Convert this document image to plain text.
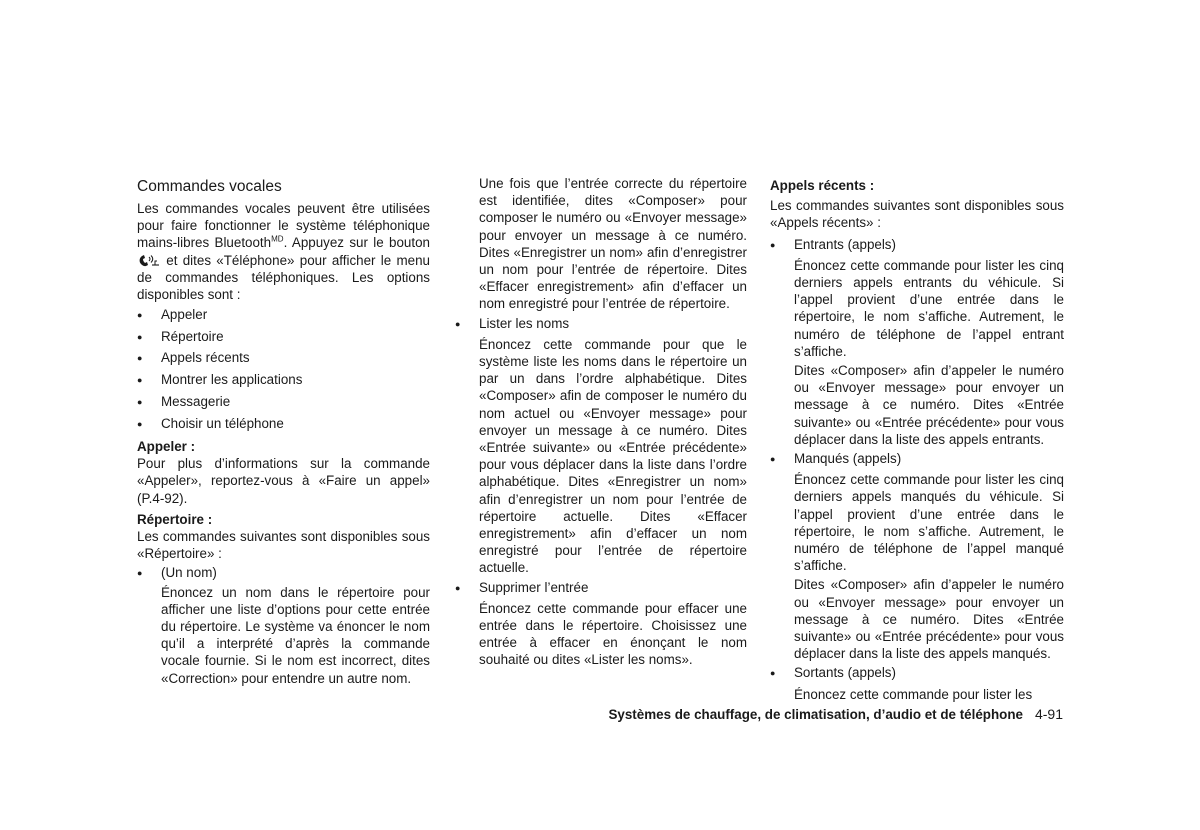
Commandes vocales

Les commandes vocales peuvent être utilisées pour faire fonctionner le système téléphonique mains-libres Bluetooth$^{MD}$. Appuyez sur le bouton  et dites «Téléphone» pour afficher le menu de commandes téléphoniques. Les options disponibles sont :

●
Appeler
●
Répertoire
●
Appels récents
●
Montrer les applications
●
Messagerie
●
Choisir un téléphone
Appeler :

Pour plus d’informations sur la commande «Appeler», reportez-vous à «Faire un appel» (P.4-92).

Répertoire :

Les commandes suivantes sont disponibles sous «Répertoire» :

●
(Un nom)

Énoncez un nom dans le répertoire pour afficher une liste d’options pour cette entrée du répertoire. Le système va énoncer le nom qu’il a interprété d’après la commande vocale fournie. Si le nom est incorrect, dites «Correction» pour entendre un autre nom.

Une fois que l’entrée correcte du répertoire est identifiée, dites «Composer» pour composer le numéro ou «Envoyer message» pour envoyer un message à ce numéro. Dites «Enregistrer un nom» afin d’enregistrer un nom pour l’entrée de répertoire. Dites «Effacer enregistrement» afin d’effacer un nom enregistré pour l’entrée de répertoire.

●
Lister les noms

Énoncez cette commande pour que le système liste les noms dans le répertoire un par un dans l’ordre alphabétique. Dites «Composer» afin de composer le numéro du nom actuel ou «Envoyer message» pour envoyer un message à ce numéro. Dites «Entrée suivante» ou «Entrée précédente» pour vous déplacer dans la liste dans l’ordre alphabétique. Dites «Enregistrer un nom» afin d’enregistrer un nom pour l’entrée de répertoire actuelle. Dites «Effacer enregistrement» afin d’effacer un nom enregistré pour l’entrée de répertoire actuelle.

●
Supprimer l’entrée

Énoncez cette commande pour effacer une entrée dans le répertoire. Choisissez une entrée à effacer en énonçant le nom souhaité ou dites «Lister les noms».

Appels récents :

Les commandes suivantes sont disponibles sous «Appels récents» :

●
Entrants (appels)

Énoncez cette commande pour lister les cinq derniers appels entrants du véhicule. Si l’appel provient d’une entrée dans le répertoire, le nom s’affiche. Autrement, le numéro de téléphone de l’appel entrant s’affiche.

Dites «Composer» afin d’appeler le numéro ou «Envoyer message» pour envoyer un message à ce numéro. Dites «Entrée suivante» ou «Entrée précédente» pour vous déplacer dans la liste des appels entrants.

●
Manqués (appels)

Énoncez cette commande pour lister les cinq derniers appels manqués du véhicule. Si l’appel provient d’une entrée dans le répertoire, le nom s’affiche. Autrement, le numéro de téléphone de l’appel manqué s’affiche.

Dites «Composer» afin d’appeler le numéro ou «Envoyer message» pour envoyer un message à ce numéro. Dites «Entrée suivante» ou «Entrée précédente» pour vous déplacer dans la liste des appels manqués.

●
Sortants (appels)

Énoncez cette commande pour lister les

Systèmes de chauffage, de climatisation, d’audio et de téléphone 4-91
